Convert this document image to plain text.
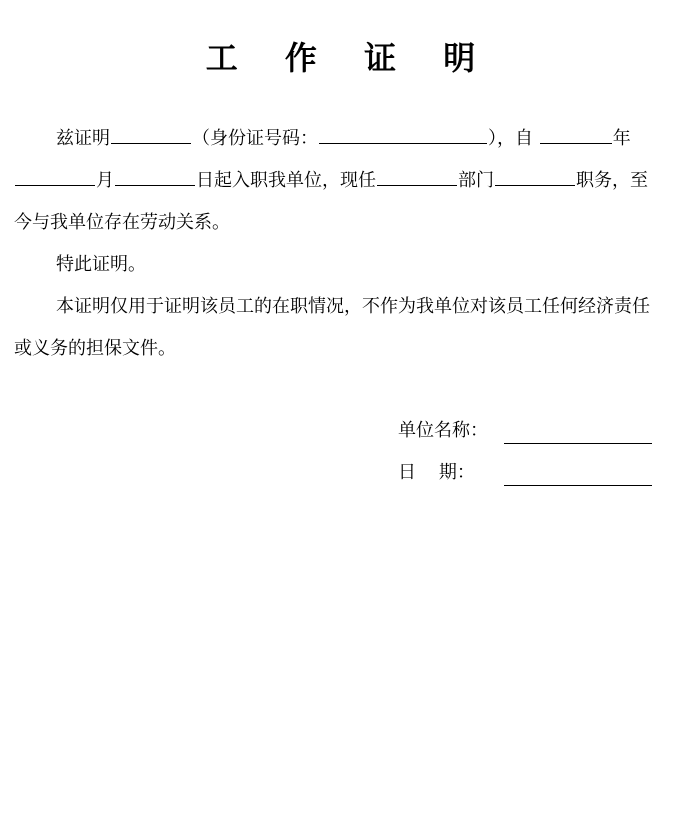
工 作 证 明

兹证明	（身份证号码：	），自	年月	日起入职我单位，现任	部门	职务，至今与我单位存在劳动关系。

特此证明。

本证明仅用于证明该员工的在职情况，不作为我单位对该员工任何经济责任或义务的担保文件。

单位名称：
日    期：
